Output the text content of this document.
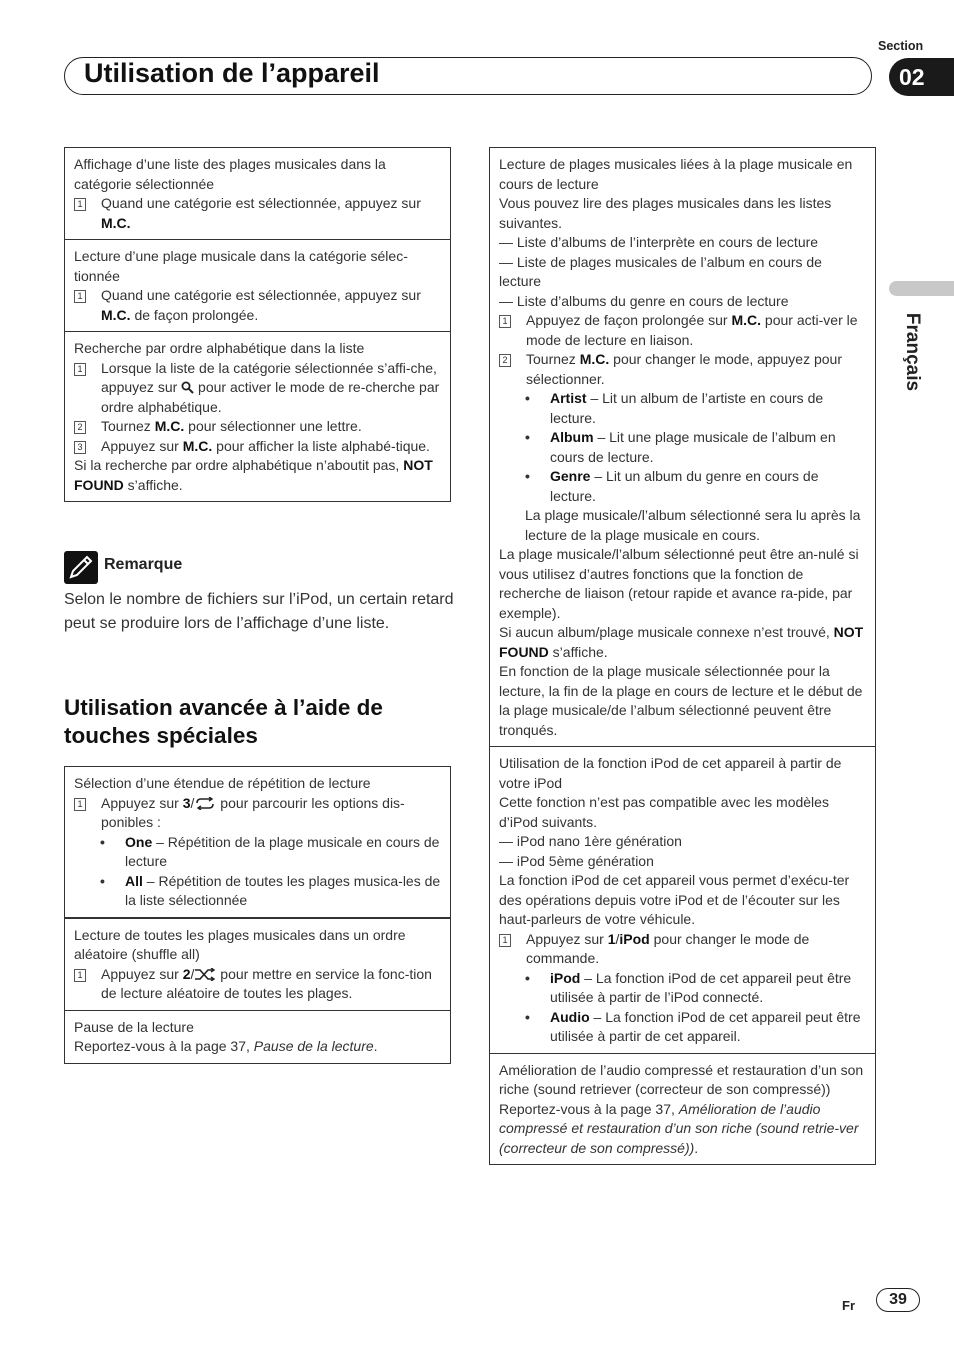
Utilisation de l’appareil
Section
02
Français
Affichage d’une liste des plages musicales dans la catégorie sélectionnée
1 Quand une catégorie est sélectionnée, appuyez sur M.C.
Lecture d’une plage musicale dans la catégorie sélec-tionnée
1 Quand une catégorie est sélectionnée, appuyez sur M.C. de façon prolongée.
Recherche par ordre alphabétique dans la liste
1 Lorsque la liste de la catégorie sélectionnée s’affi-che, appuyez sur  pour activer le mode de re-cherche par ordre alphabétique.
2 Tournez M.C. pour sélectionner une lettre.
3 Appuyez sur M.C. pour afficher la liste alphabé-tique.
Si la recherche par ordre alphabétique n’aboutit pas, NOT FOUND s’affiche.
Remarque
Selon le nombre de fichiers sur l’iPod, un certain retard peut se produire lors de l’affichage d’une liste.
Utilisation avancée à l’aide de touches spéciales
Sélection d’une étendue de répétition de lecture
1 Appuyez sur 3/ pour parcourir les options dis-ponibles :
•	One – Répétition de la plage musicale en cours de lecture
•	All – Répétition de toutes les plages musica-les de la liste sélectionnée
Lecture de toutes les plages musicales dans un ordre aléatoire (shuffle all)
1 Appuyez sur 2/ pour mettre en service la fonc-tion de lecture aléatoire de toutes les plages.
Pause de la lecture
Reportez-vous à la page 37, Pause de la lecture.
Lecture de plages musicales liées à la plage musicale en cours de lecture
Vous pouvez lire des plages musicales dans les listes suivantes.
— Liste d’albums de l’interprète en cours de lecture
— Liste de plages musicales de l’album en cours de lecture
— Liste d’albums du genre en cours de lecture
1 Appuyez de façon prolongée sur M.C. pour acti-ver le mode de lecture en liaison.
2 Tournez M.C. pour changer le mode, appuyez pour sélectionner.
•	Artist – Lit un album de l’artiste en cours de lecture.
•	Album – Lit une plage musicale de l’album en cours de lecture.
•	Genre – Lit un album du genre en cours de lecture.
La plage musicale/l’album sélectionné sera lu après la lecture de la plage musicale en cours.
La plage musicale/l’album sélectionné peut être an-nulé si vous utilisez d’autres fonctions que la fonction de recherche de liaison (retour rapide et avance ra-pide, par exemple).
Si aucun album/plage musicale connexe n’est trouvé, NOT FOUND s’affiche.
En fonction de la plage musicale sélectionnée pour la lecture, la fin de la plage en cours de lecture et le début de la plage musicale/de l’album sélectionné peuvent être tronqués.
Utilisation de la fonction iPod de cet appareil à partir de votre iPod
Cette fonction n’est pas compatible avec les modèles d’iPod suivants.
— iPod nano 1ère génération
— iPod 5ème génération
La fonction iPod de cet appareil vous permet d’exécu-ter des opérations depuis votre iPod et de l’écouter sur les haut-parleurs de votre véhicule.
1 Appuyez sur 1/iPod pour changer le mode de commande.
•	iPod – La fonction iPod de cet appareil peut être utilisée à partir de l’iPod connecté.
•	Audio – La fonction iPod de cet appareil peut être utilisée à partir de cet appareil.
Amélioration de l’audio compressé et restauration d’un son riche (sound retriever (correcteur de son compressé))
Reportez-vous à la page 37, Amélioration de l’audio compressé et restauration d’un son riche (sound retrie-ver (correcteur de son compressé)).
Fr	39
